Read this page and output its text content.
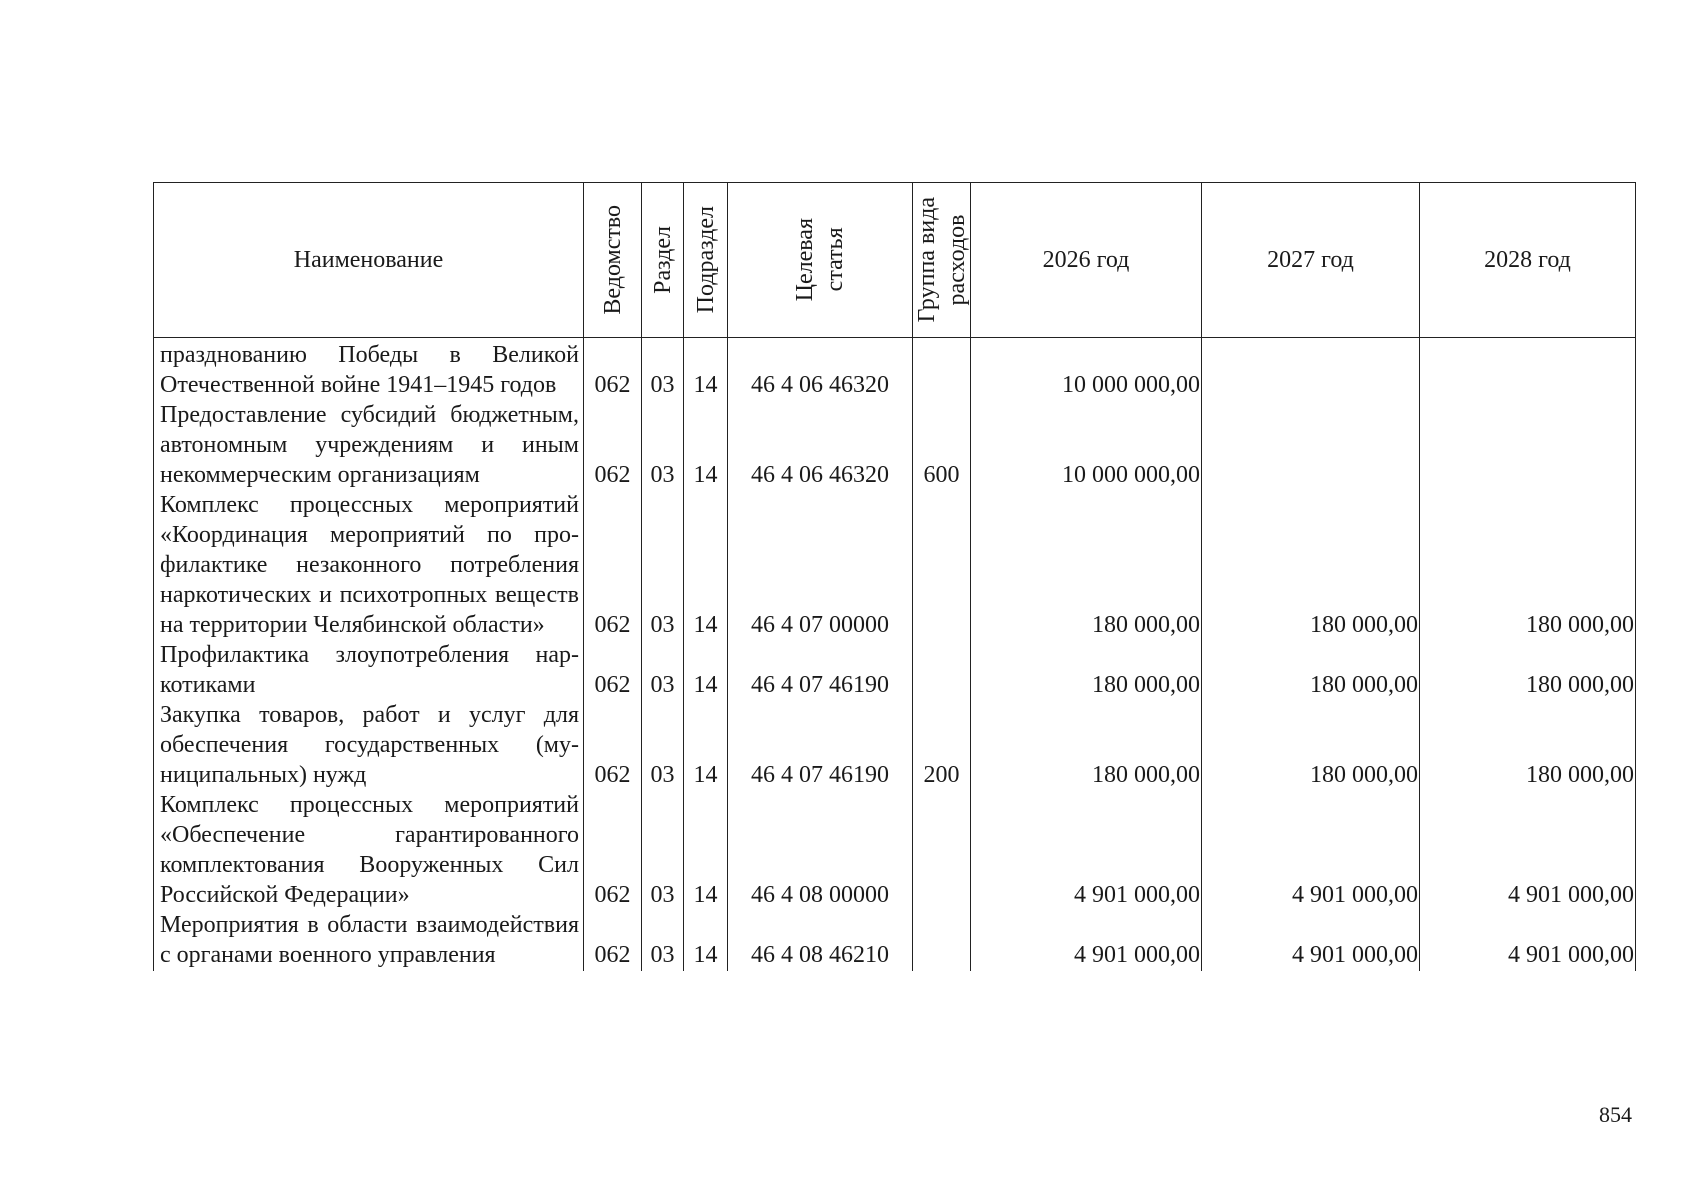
Наименование	Ведомство	Раздел	Подраздел	Целевая статья	Группа вида расходов	2026 год	2027 год	2028 год
празднованию Победы в Великой Отечественной войне 1941–1945 годов	062	03	14	46 4 06 46320		10 000 000,00		
Предоставление субсидий бюджетным, автономным учреждениям и иным некоммерческим организациям	062	03	14	46 4 06 46320	600	10 000 000,00		
Комплекс процессных мероприятий «Координация мероприятий по профилактике незаконного потребления наркотических и психотропных веществ на территории Челябинской области»	062	03	14	46 4 07 00000		180 000,00	180 000,00	180 000,00
Профилактика злоупотребления наркотиками	062	03	14	46 4 07 46190		180 000,00	180 000,00	180 000,00
Закупка товаров, работ и услуг для обеспечения государственных (муниципальных) нужд	062	03	14	46 4 07 46190	200	180 000,00	180 000,00	180 000,00
Комплекс процессных мероприятий «Обеспечение гарантированного комплектования Вооруженных Сил Российской Федерации»	062	03	14	46 4 08 00000		4 901 000,00	4 901 000,00	4 901 000,00
Мероприятия в области взаимодействия с органами военного управления	062	03	14	46 4 08 46210		4 901 000,00	4 901 000,00	4 901 000,00
854
